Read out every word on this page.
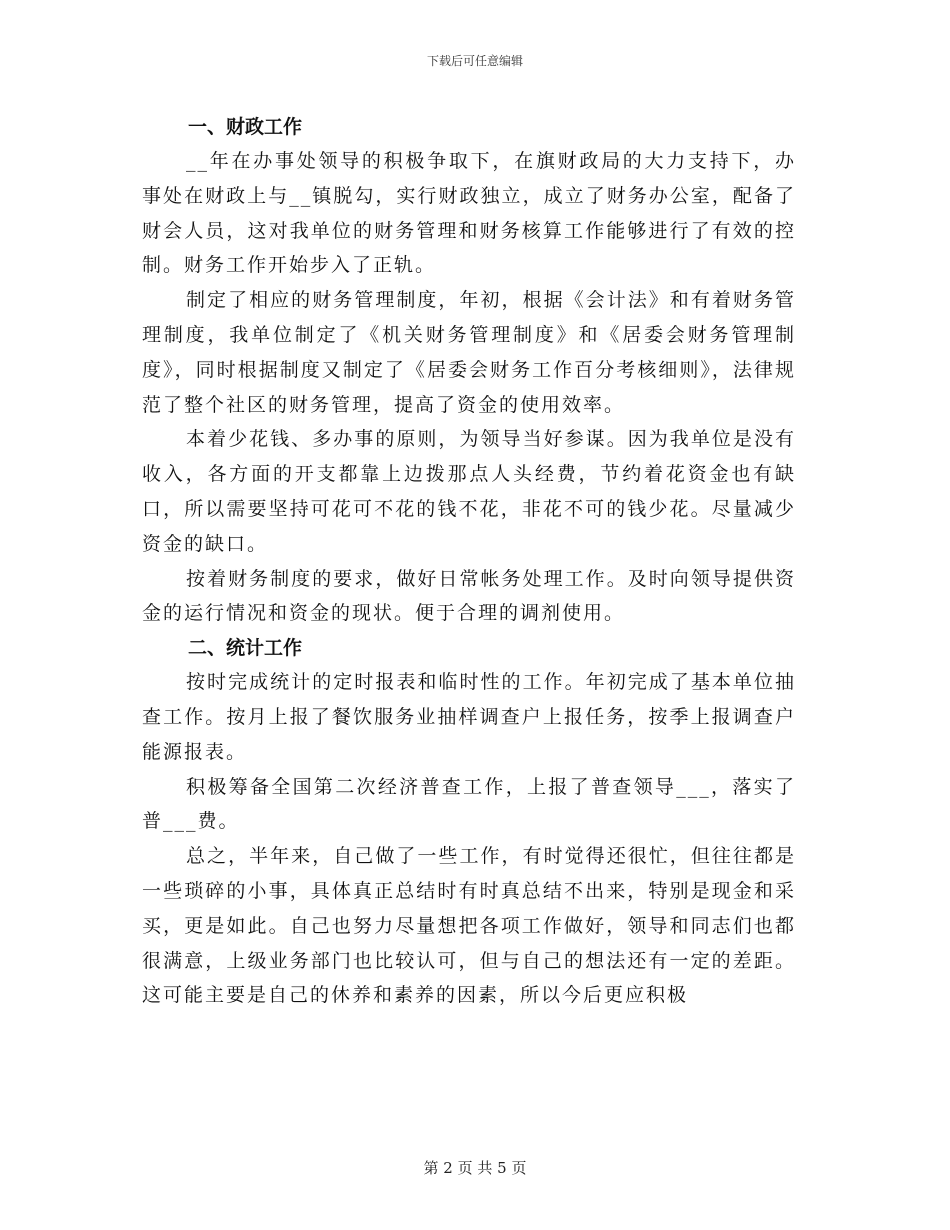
下载后可任意编辑
一、财政工作

__年在办事处领导的积极争取下，在旗财政局的大力支持下，办事处在财政上与__镇脱勾，实行财政独立，成立了财务办公室，配备了财会人员，这对我单位的财务管理和财务核算工作能够进行了有效的控制。财务工作开始步入了正轨。

制定了相应的财务管理制度，年初，根据《会计法》和有着财务管理制度，我单位制定了《机关财务管理制度》和《居委会财务管理制度》，同时根据制度又制定了《居委会财务工作百分考核细则》，法律规范了整个社区的财务管理，提高了资金的使用效率。

本着少花钱、多办事的原则，为领导当好参谋。因为我单位是没有收入，各方面的开支都靠上边拨那点人头经费，节约着花资金也有缺口，所以需要坚持可花可不花的钱不花，非花不可的钱少花。尽量减少资金的缺口。

按着财务制度的要求，做好日常帐务处理工作。及时向领导提供资金的运行情况和资金的现状。便于合理的调剂使用。

二、统计工作

按时完成统计的定时报表和临时性的工作。年初完成了基本单位抽查工作。按月上报了餐饮服务业抽样调查户上报任务，按季上报调查户能源报表。

积极筹备全国第二次经济普查工作，上报了普查领导___，落实了普___费。

总之，半年来，自己做了一些工作，有时觉得还很忙，但往往都是一些琐碎的小事，具体真正总结时有时真总结不出来，特别是现金和采买，更是如此。自己也努力尽量想把各项工作做好，领导和同志们也都很满意，上级业务部门也比较认可，但与自己的想法还有一定的差距。这可能主要是自己的休养和素养的因素，所以今后更应积极

第 2 页 共 5 页
